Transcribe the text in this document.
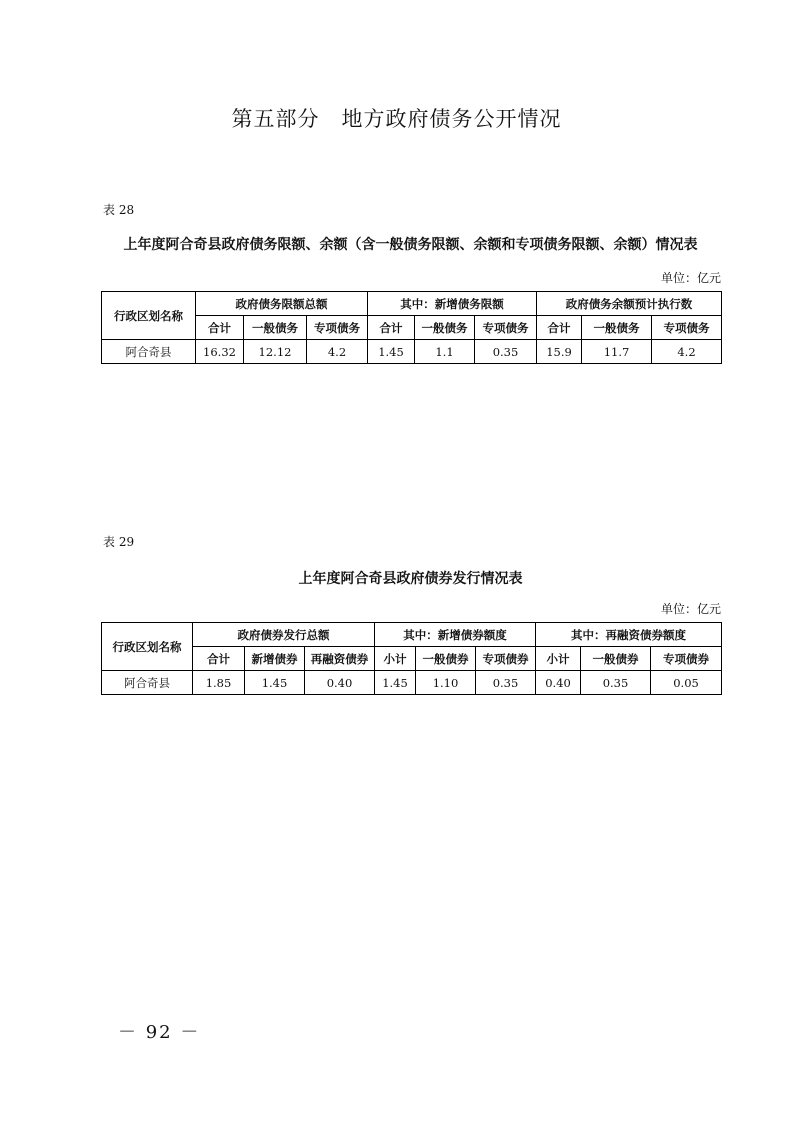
第五部分 地方政府债务公开情况
表 28
上年度阿合奇县政府债务限额、余额（含一般债务限额、余额和专项债务限额、余额）情况表
单位：亿元
行政区划名称	政府债务限额总额			其中：新增债务限额			政府债务余额预计执行数		
	合计	一般债务	专项债务	合计	一般债务	专项债务	合计	一般债务	专项债务
阿合奇县	16.32	12.12	4.2	1.45	1.1	0.35	15.9	11.7	4.2
表 29
上年度阿合奇县政府债券发行情况表
单位：亿元
行政区划名称	政府债券发行总额			其中：新增债券额度			其中：再融资债券额度		
	合计	新增债券	再融资债券	小计	一般债券	专项债券	小计	一般债券	专项债券
阿合奇县	1.85	1.45	0.40	1.45	1.10	0.35	0.40	0.35	0.05
－ 92 －
